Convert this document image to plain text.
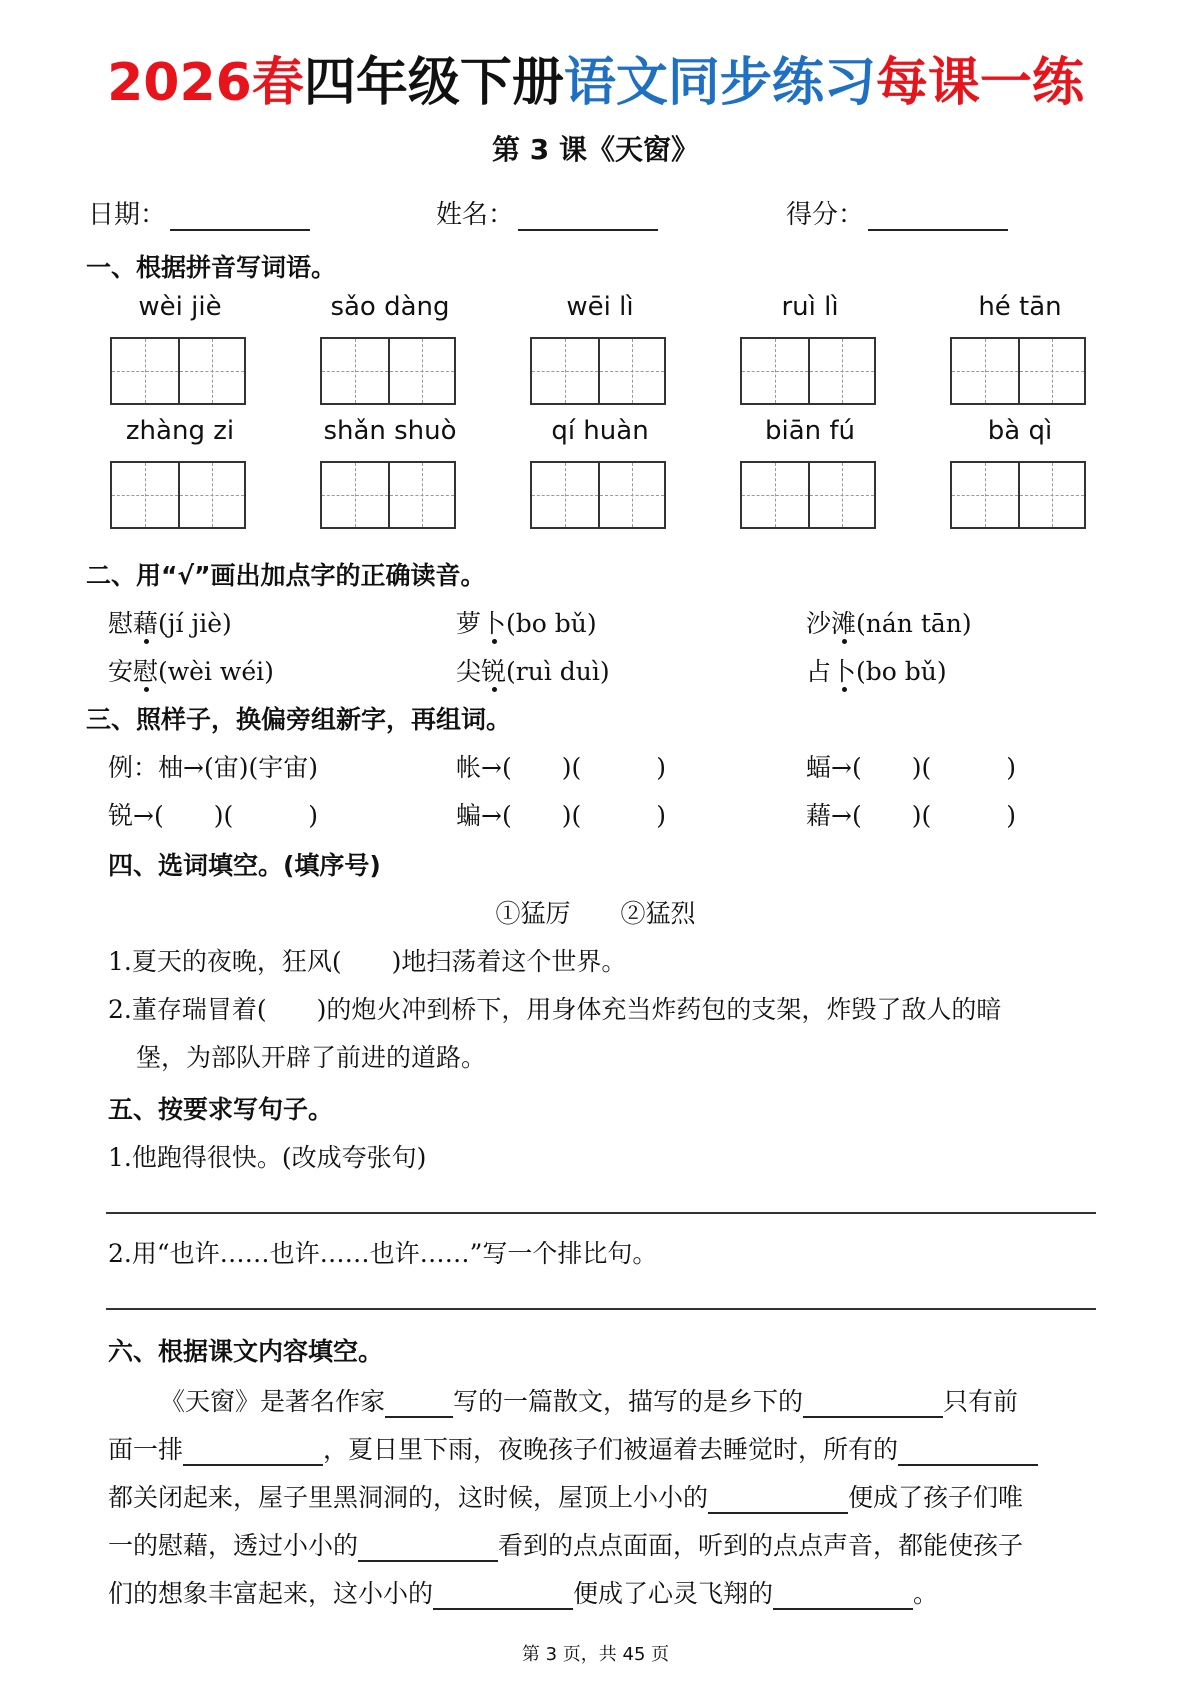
2026春四年级下册语文同步练习每课一练
第 3 课《天窗》
日期：	姓名：	得分：
一、根据拼音写词语。
wèi jiè	sǎo dàng	wēi lì	ruì lì	hé tān
zhàng zi	shǎn shuò	qí huàn	biān fú	bà qì
二、用“√”画出加点字的正确读音。
慰藉(jí jiè)	萝卜(bo bǔ)	沙滩(nán tān)
安慰(wèi wéi)	尖锐(ruì duì)	占卜(bo bǔ)
三、照样子，换偏旁组新字，再组词。
例：柚→(宙)(宇宙)	帐→(　　)(　　　)	蝠→(　　)(　　　)
锐→(　　)(　　　)	蝙→(　　)(　　　)	藉→(　　)(　　　)
四、选词填空。(填序号)
①猛厉　　②猛烈
1.夏天的夜晚，狂风(　　)地扫荡着这个世界。
2.董存瑞冒着(　　)的炮火冲到桥下，用身体充当炸药包的支架，炸毁了敌人的暗
堡，为部队开辟了前进的道路。
五、按要求写句子。
1.他跑得很快。(改成夸张句)
2.用“也许……也许……也许……”写一个排比句。
六、根据课文内容填空。
《天窗》是著名作家	写的一篇散文，描写的是乡下的	只有前
面一排	，夏日里下雨，夜晚孩子们被逼着去睡觉时，所有的
都关闭起来，屋子里黑洞洞的，这时候，屋顶上小小的	便成了孩子们唯
一的慰藉，透过小小的	看到的点点面面，听到的点点声音，都能使孩子
们的想象丰富起来，这小小的	便成了心灵飞翔的	。
第 3 页，共 45 页
